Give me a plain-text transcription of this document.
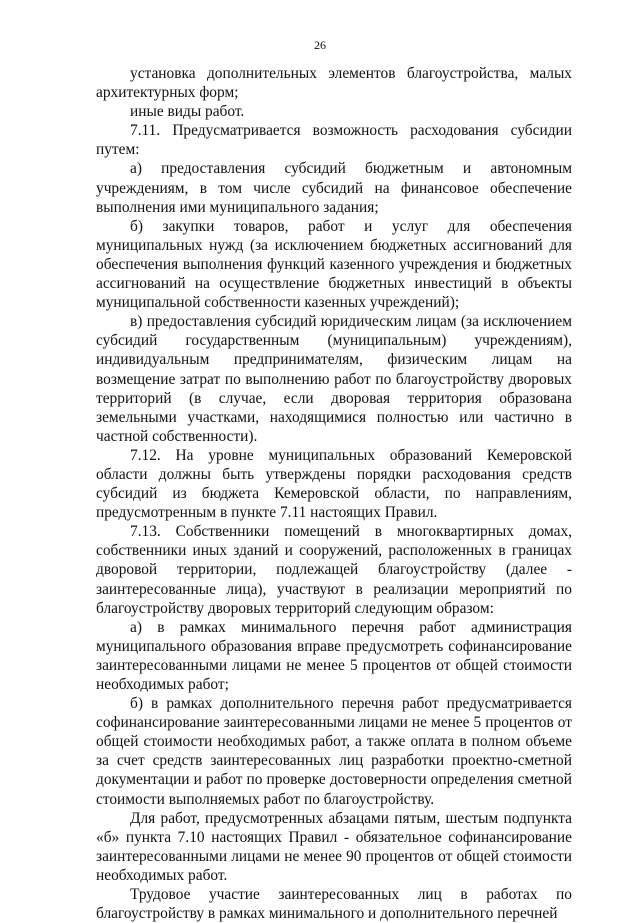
26

установка дополнительных элементов благоустройства, малых архитектурных форм;

иные виды работ.

7.11. Предусматривается возможность расходования субсидии путем:

а) предоставления субсидий бюджетным и автономным учреждениям, в том числе субсидий на финансовое обеспечение выполнения ими муниципального задания;

б) закупки товаров, работ и услуг для обеспечения муниципальных нужд (за исключением бюджетных ассигнований для обеспечения выполнения функций казенного учреждения и бюджетных ассигнований на осуществление бюджетных инвестиций в объекты муниципальной собственности казенных учреждений);

в) предоставления субсидий юридическим лицам (за исключением субсидий государственным (муниципальным) учреждениям), индивидуальным предпринимателям, физическим лицам на возмещение затрат по выполнению работ по благоустройству дворовых территорий (в случае, если дворовая территория образована земельными участками, находящимися полностью или частично в частной собственности).

7.12. На уровне муниципальных образований Кемеровской области должны быть утверждены порядки расходования средств субсидий из бюджета Кемеровской области, по направлениям, предусмотренным в пункте 7.11 настоящих Правил.

7.13. Собственники помещений в многоквартирных домах, собственники иных зданий и сооружений, расположенных в границах дворовой территории, подлежащей благоустройству (далее - заинтересованные лица), участвуют в реализации мероприятий по благоустройству дворовых территорий следующим образом:

а) в рамках минимального перечня работ администрация муниципального образования вправе предусмотреть софинансирование заинтересованными лицами не менее 5 процентов от общей стоимости необходимых работ;

б) в рамках дополнительного перечня работ предусматривается софинансирование заинтересованными лицами не менее 5 процентов от общей стоимости необходимых работ, а также оплата в полном объеме за счет средств заинтересованных лиц разработки проектно-сметной документации и работ по проверке достоверности определения сметной стоимости выполняемых работ по благоустройству.

Для работ, предусмотренных абзацами пятым, шестым подпункта «б» пункта 7.10 настоящих Правил - обязательное софинансирование заинтересованными лицами не менее 90 процентов от общей стоимости необходимых работ.

Трудовое участие заинтересованных лиц в работах по благоустройству в рамках минимального и дополнительного перечней
